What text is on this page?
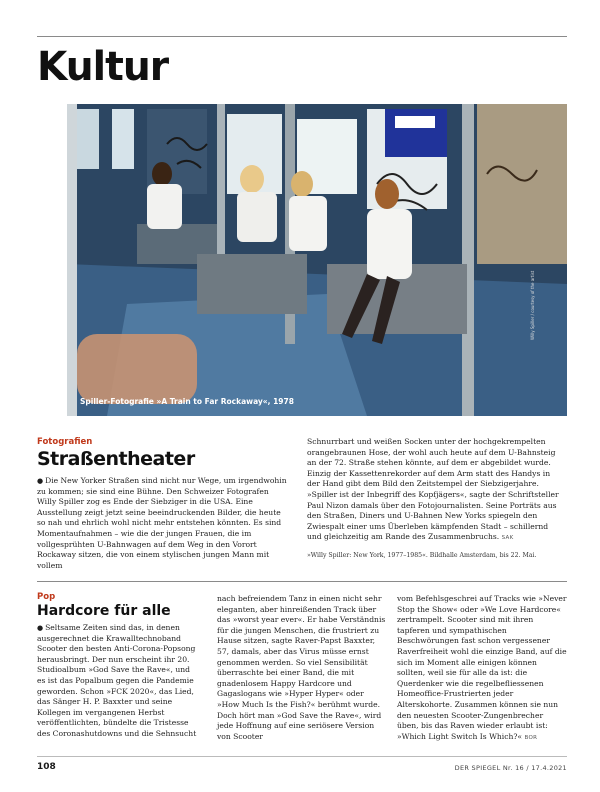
Kultur
Spiller-Fotografie »A Train to Far Rockaway«, 1978
Willy Spiller / courtesy of the artist
Fotografien
Straßentheater

● Die New Yorker Straßen sind nicht nur Wege, um irgendwohin zu kommen; sie sind eine Bühne. Den Schweizer Fotografen Willy Spiller zog es Ende der Siebziger in die USA. Eine Ausstellung zeigt jetzt seine beeindruckenden Bilder, die heute so nah und ehrlich wohl nicht mehr entstehen könnten. Es sind Momentaufnahmen – wie die der jungen Frauen, die im vollgesprühten U-Bahnwagen auf dem Weg in den Vorort Rockaway sitzen, die von einem stylischen jungen Mann mit vollem

Schnurrbart und weißen Socken unter der hochgekrempelten orangebraunen Hose, der wohl auch heute auf dem U-Bahnsteig an der 72. Straße stehen könnte, auf dem er abgebildet wurde. Einzig der Kassettenrekorder auf dem Arm statt des Handys in der Hand gibt dem Bild den Zeitstempel der Siebzigerjahre. »Spiller ist der Inbegriff des Kopfjägers«, sagte der Schriftsteller Paul Nizon damals über den Fotojournalisten. Seine Porträts aus den Straßen, Diners und U-Bahnen New Yorks spiegeln den Zwiespalt einer ums Überleben kämpfenden Stadt – schillernd und gleichzeitig am Rande des Zusammenbruchs. SAK

»Willy Spiller: New York, 1977–1985«. Bildhalle Amsterdam, bis 22. Mai.
Pop
Hardcore für alle

● Seltsame Zeiten sind das, in denen ausgerechnet die Krawalltechnoband Scooter den besten Anti-Corona-Popsong herausbringt. Der nun erscheint ihr 20. Studioalbum »God Save the Rave«, und es ist das Popalbum gegen die Pandemie geworden. Schon »FCK 2020«, das Lied, das Sänger H. P. Baxxter und seine Kollegen im vergangenen Herbst veröffentlichten, bündelte die Tristesse des Coronashutdowns und die Sehnsucht

nach befreiendem Tanz in einen nicht sehr eleganten, aber hinreißenden Track über das »worst year ever«. Er habe Verständnis für die jungen Menschen, die frustriert zu Hause sitzen, sagte Raver-Papst Baxxter, 57, damals, aber das Virus müsse ernst genommen werden. So viel Sensibilität überraschte bei einer Band, die mit gnadenlosem Happy Hardcore und Gagaslogans wie »Hyper Hyper« oder »How Much Is the Fish?« berühmt wurde. Doch hört man »God Save the Rave«, wird jede Hoffnung auf eine seriösere Version von Scooter

vom Befehlsgeschrei auf Tracks wie »Never Stop the Show« oder »We Love Hardcore« zertrampelt. Scooter sind mit ihren tapferen und sympathischen Beschwörungen fast schon vergessener Raverfreiheit wohl die einzige Band, auf die sich im Moment alle einigen können sollten, weil sie für alle da ist: die Querdenker wie die regelbefliessenen Homeoffice-Frustrierten jeder Alterskohorte. Zusammen können sie nun den neuesten Scooter-Zungenbrecher üben, bis das Raven wieder erlaubt ist: »Which Light Switch Is Which?« BOR

108	DER SPIEGEL Nr. 16 / 17.4.2021
